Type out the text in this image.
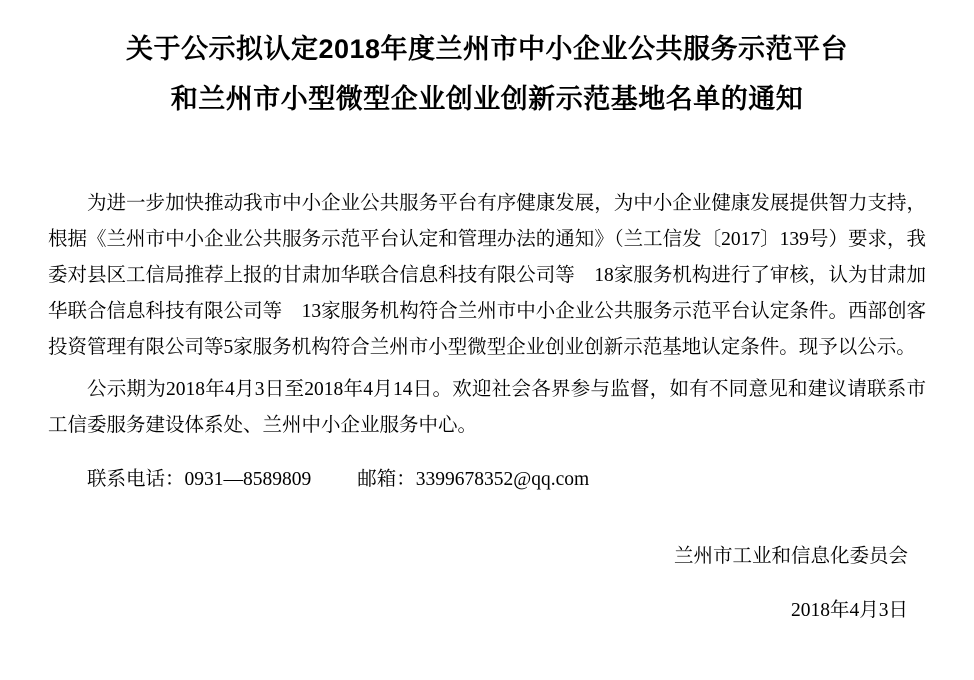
关于公示拟认定2018年度兰州市中小企业公共服务示范平台
和兰州市小型微型企业创业创新示范基地名单的通知

为进一步加快推动我市中小企业公共服务平台有序健康发展，为中小企业健康发展提供智力支持，根据《兰州市中小企业公共服务示范平台认定和管理办法的通知》（兰工信发〔2017〕139号）要求，我委对县区工信局推荐上报的甘肃加华联合信息科技有限公司等　18家服务机构进行了审核，认为甘肃加华联合信息科技有限公司等　13家服务机构符合兰州市中小企业公共服务示范平台认定条件。西部创客投资管理有限公司等5家服务机构符合兰州市小型微型企业创业创新示范基地认定条件。现予以公示。

公示期为2018年4月3日至2018年4月14日。欢迎社会各界参与监督，如有不同意见和建议请联系市工信委服务建设体系处、兰州中小企业服务中心。

联系电话：0931—8589809 邮箱：3399678352@qq.com

兰州市工业和信息化委员会

2018年4月3日
